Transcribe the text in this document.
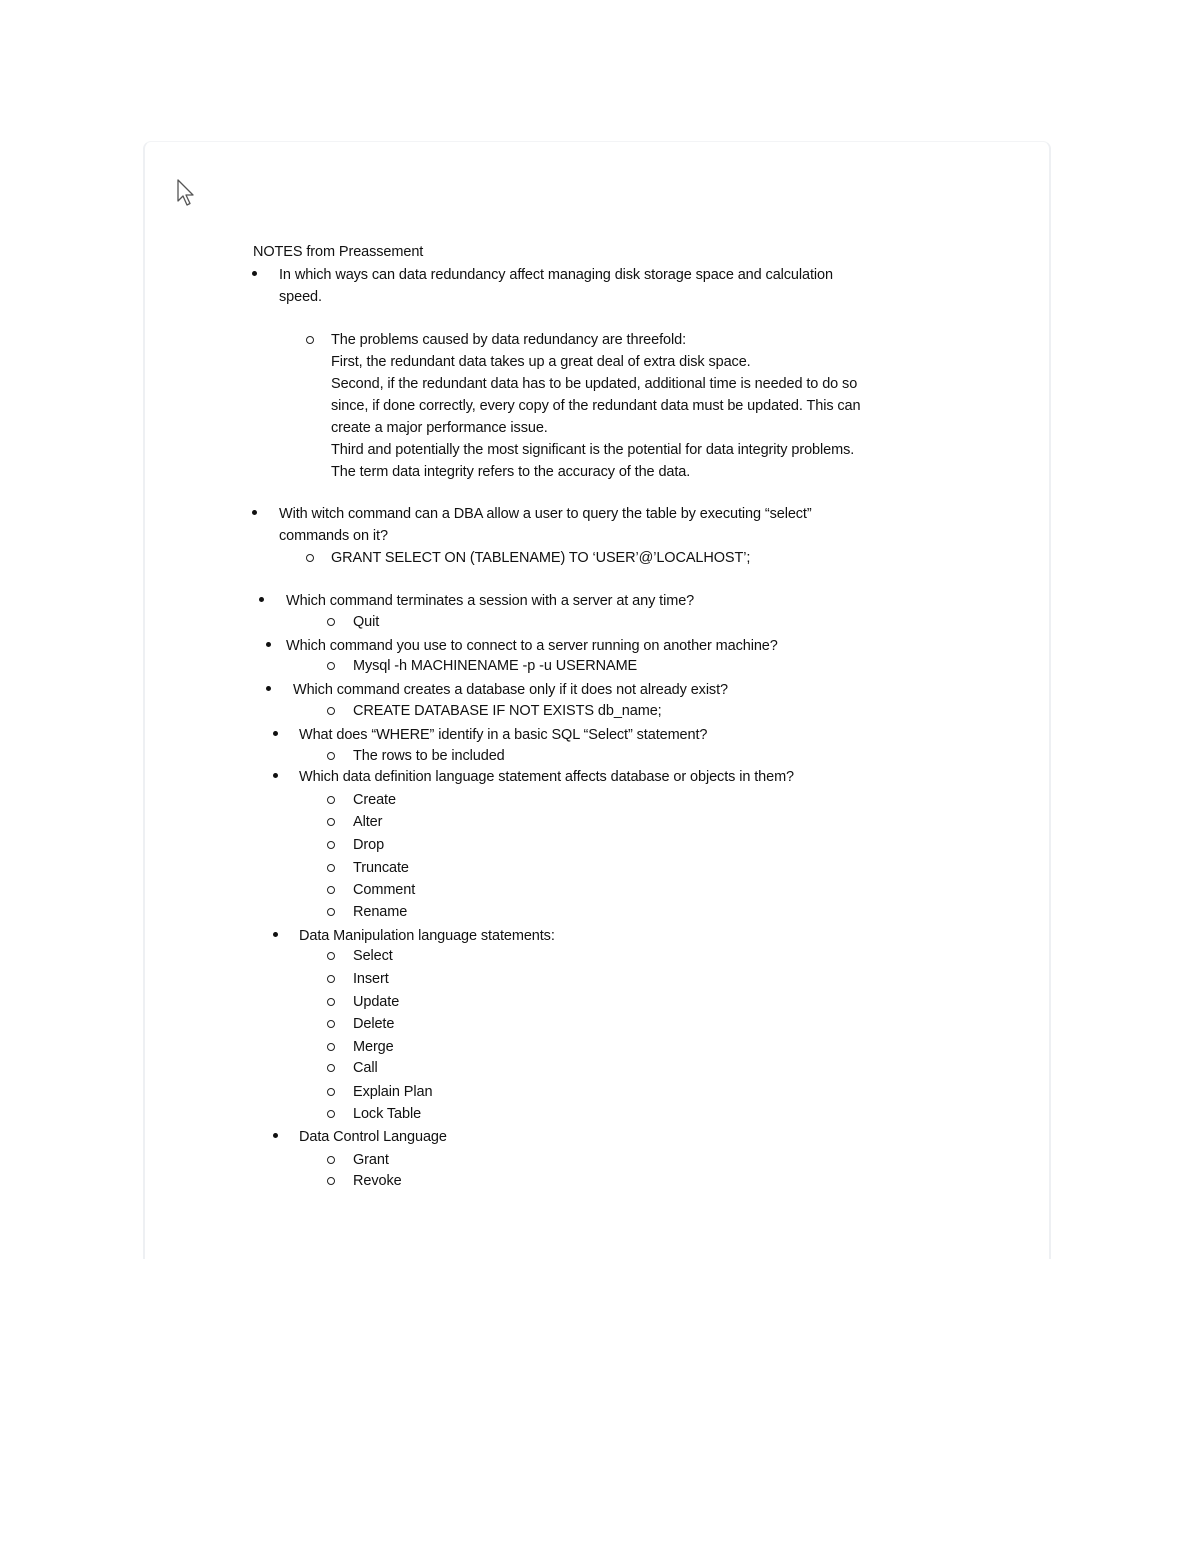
NOTES from Preassement
In which ways can data redundancy affect managing disk storage space and calculation
speed.
The problems caused by data redundancy are threefold:
First, the redundant data takes up a great deal of extra disk space.
Second, if the redundant data has to be updated, additional time is needed to do so
since, if done correctly, every copy of the redundant data must be updated. This can
create a major performance issue.
Third and potentially the most significant is the potential for data integrity problems.
The term data integrity refers to the accuracy of the data.
With witch command can a DBA allow a user to query the table by executing “select”
commands on it?
GRANT SELECT ON (TABLENAME) TO ‘USER’@’LOCALHOST’;
Which command terminates a session with a server at any time?
Quit
Which command you use to connect to a server running on another machine?
Mysql -h MACHINENAME -p -u USERNAME
Which command creates a database only if it does not already exist?
CREATE DATABASE IF NOT EXISTS db_name;
What does “WHERE” identify in a basic SQL “Select” statement?
The rows to be included
Which data definition language statement affects database or objects in them?
Create
Alter
Drop
Truncate
Comment
Rename
Data Manipulation language statements:
Select
Insert
Update
Delete
Merge
Call
Explain Plan
Lock Table
Data Control Language
Grant
Revoke
